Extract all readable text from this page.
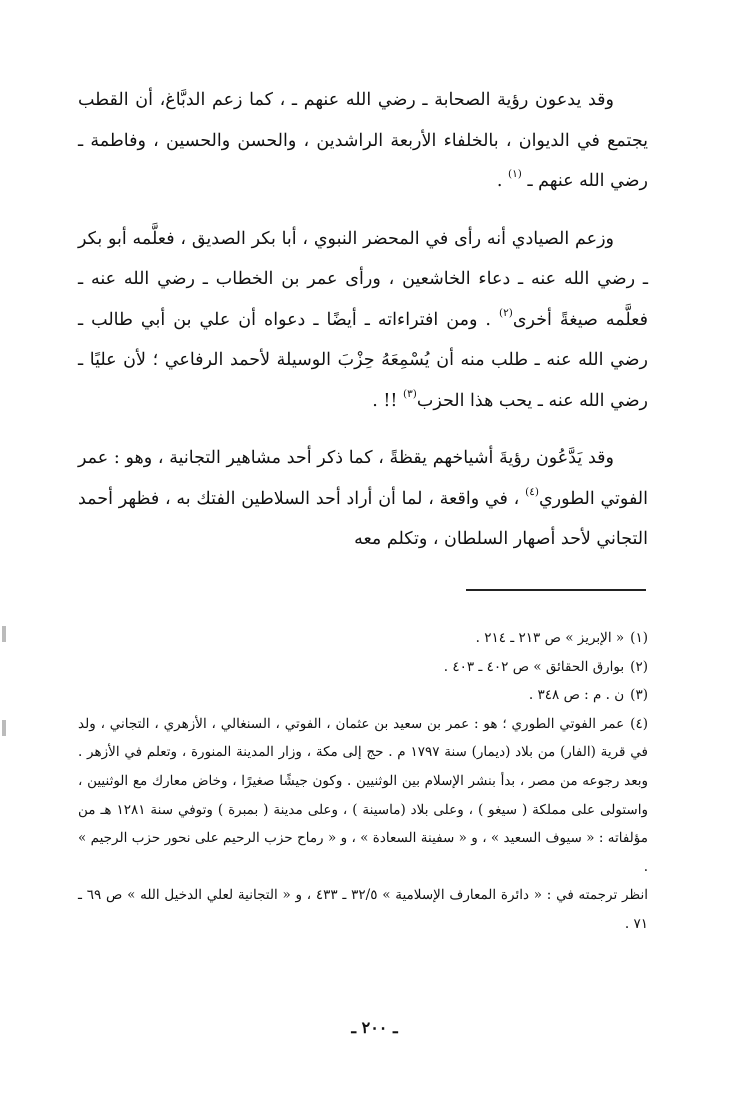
وقد يدعون رؤية الصحابة ـ رضي الله عنهم ـ ، كما زعم الدبَّاغ، أن القطب يجتمع في الديوان ، بالخلفاء الأربعة الراشدين ، والحسن والحسين ، وفاطمة ـ رضي الله عنهم ـ $^{(١)}$ .

وزعم الصيادي أنه رأى في المحضر النبوي ، أبا بكر الصديق ، فعلَّمه أبو بكر ـ رضي الله عنه ـ دعاء الخاشعين ، ورأى عمر بن الخطاب ـ رضي الله عنه ـ فعلَّمه صيغةً أخرى$^{(٢)}$ . ومن افتراءاته ـ أيضًا ـ دعواه أن علي بن أبي طالب ـ رضي الله عنه ـ طلب منه أن يُسْمِعَهُ حِزْبَ الوسيلة لأحمد الرفاعي ؛ لأن عليًا ـ رضي الله عنه ـ يحب هذا الحزب$^{(٣)}$ !! .

وقد يَدَّعُون رؤيةَ أشياخهم يقظةً ، كما ذكر أحد مشاهير التجانية ، وهو : عمر الفوتي الطوري$^{(٤)}$ ، في واقعة ، لما أن أراد أحد السلاطين الفتك به ، فظهر أحمد التجاني لأحد أصهار السلطان ، وتكلم معه

(١)« الإبريز » ص ٢١٣ ـ ٢١٤ .

(٢)بوارق الحقائق » ص ٤٠٢ ـ ٤٠٣ .

(٣)ن . م : ص ٣٤٨ .

(٤)عمر الفوتي الطوري ؛ هو : عمر بن سعيد بن عثمان ، الفوتي ، السنغالي ، الأزهري ، التجاني ، ولد في قرية (الفار) من بلاد (ديمار) سنة ١٧٩٧ م . حج إلى مكة ، وزار المدينة المنورة ، وتعلم في الأزهر . وبعد رجوعه من مصر ، بدأ بنشر الإسلام بين الوثنيين . وكون جيشًا صغيرًا ، وخاض معارك مع الوثنيين ، واستولى على مملكة ( سيغو ) ، وعلى بلاد (ماسينة ) ، وعلى مدينة ( بمبرة ) وتوفي سنة ١٢٨١ هـ من مؤلفاته : « سيوف السعيد » ، و « سفينة السعادة » ، و « رماح حزب الرحيم على نحور حزب الرجيم » .

انظر ترجمته في : « دائرة المعارف الإسلامية » ٣٢/٥ ـ ٤٣٣ ، و « التجانية لعلي الدخيل الله » ص ٦٩ ـ ٧١ .

ـ ٢٠٠ ـ
